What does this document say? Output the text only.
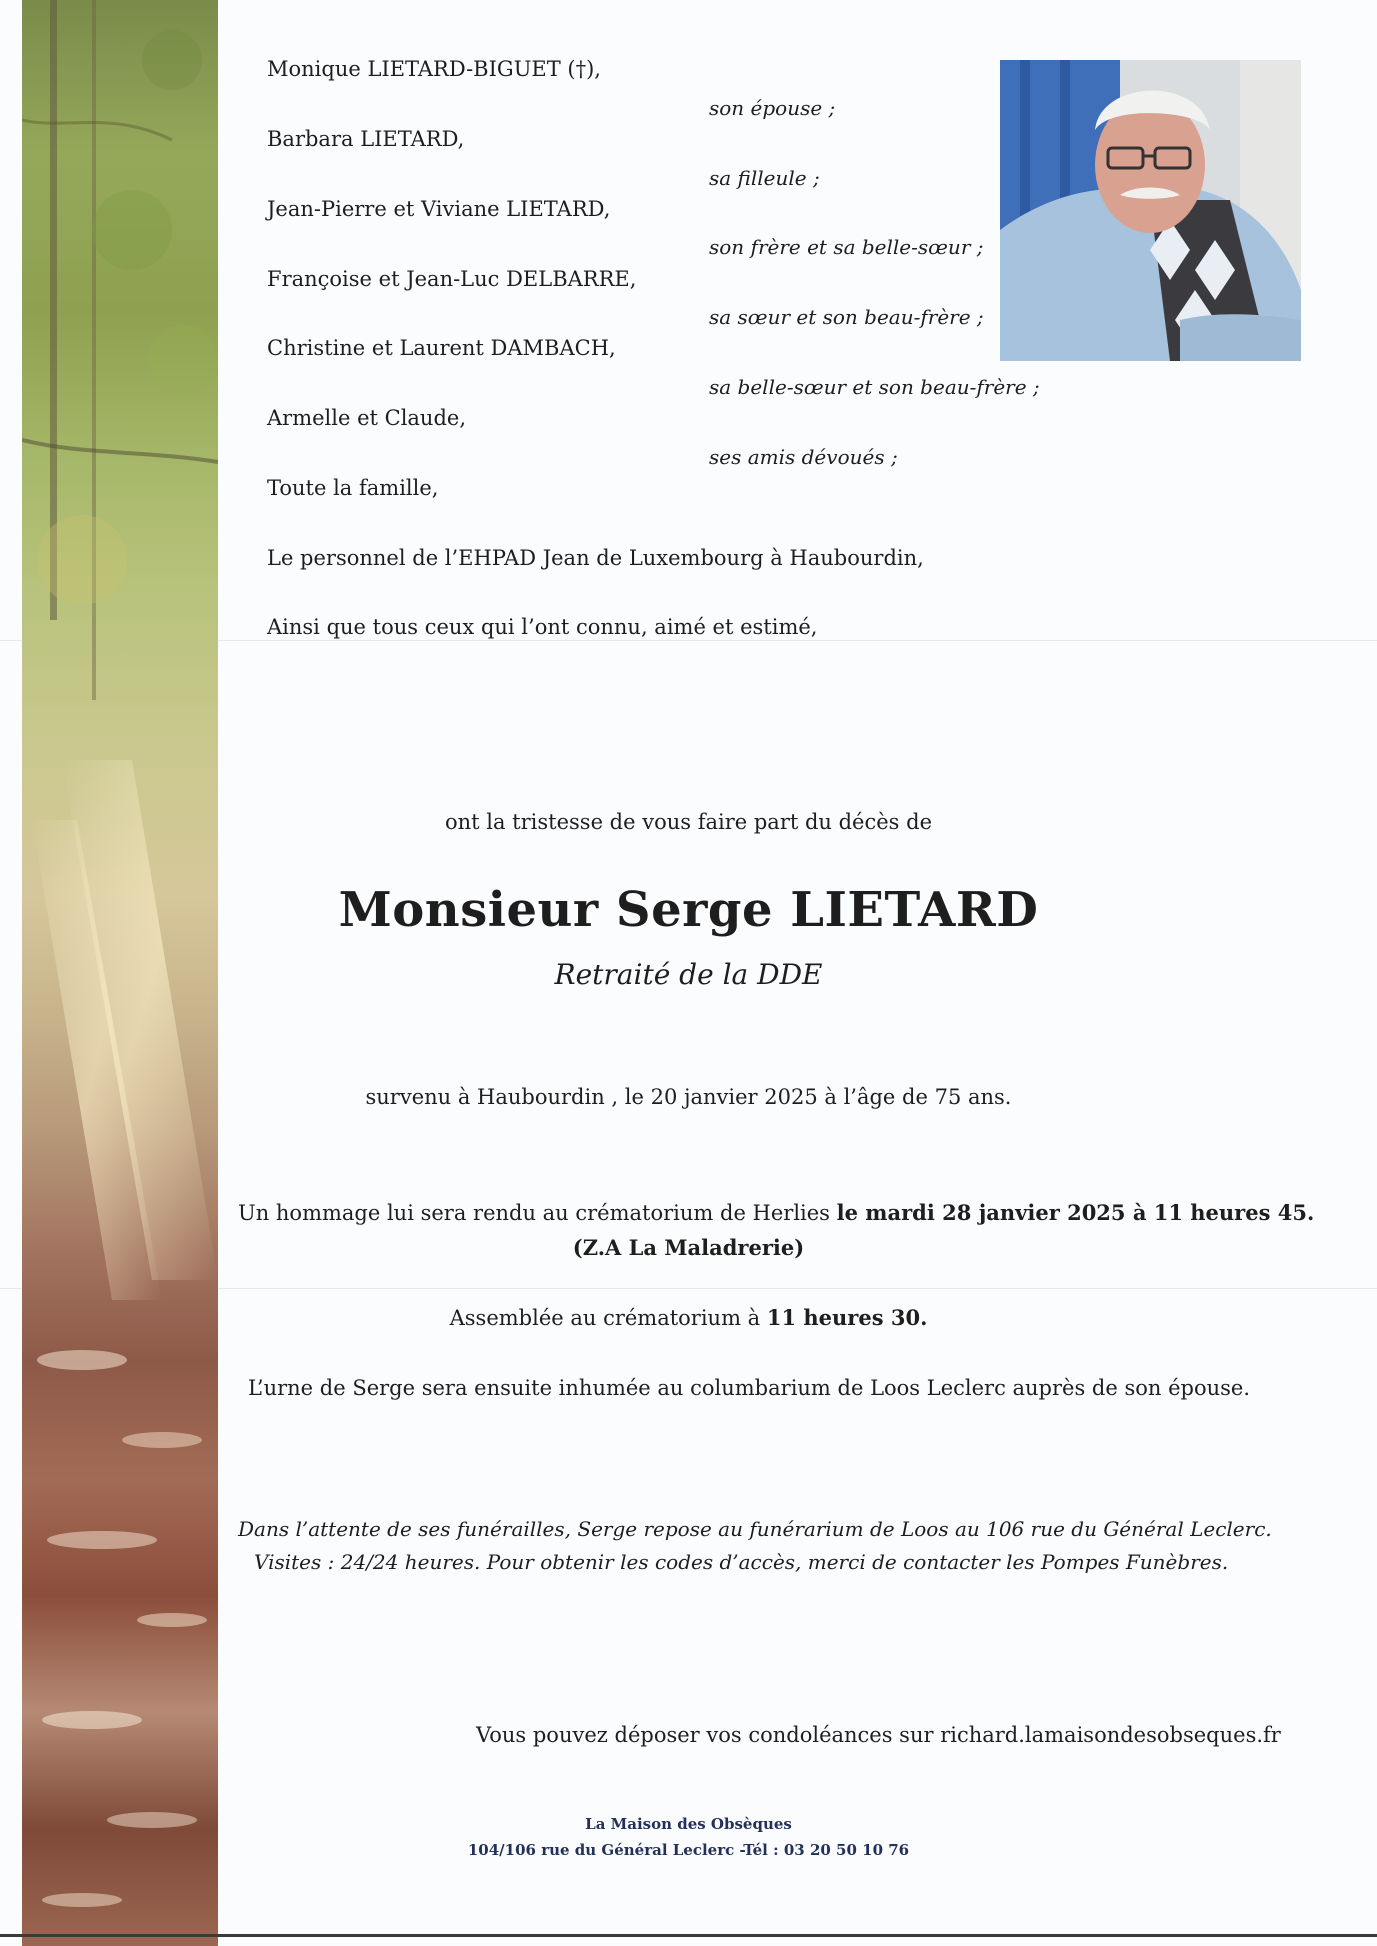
Monique LIETARD-BIGUET (†),
son épouse ;
Barbara LIETARD,
sa filleule ;
Jean-Pierre et Viviane LIETARD,
son frère et sa belle-sœur ;
Françoise et Jean-Luc DELBARRE,
sa sœur et son beau-frère ;
Christine et Laurent DAMBACH,
sa belle-sœur et son beau-frère ;
Armelle et Claude,
ses amis dévoués ;
Toute la famille,
Le personnel de l’EHPAD Jean de Luxembourg à Haubourdin,
Ainsi que tous ceux qui l’ont connu, aimé et estimé,
ont la tristesse de vous faire part du décès de
Monsieur Serge LIETARD
Retraité de la DDE
survenu à Haubourdin , le 20 janvier 2025 à l’âge de 75 ans.
Un hommage lui sera rendu au crématorium de Herlies le mardi 28 janvier 2025 à 11 heures 45.
(Z.A La Maladrerie)
Assemblée au crématorium à 11 heures 30.
L’urne de Serge sera ensuite inhumée au columbarium de Loos Leclerc auprès de son épouse.
Dans l’attente de ses funérailles, Serge repose au funérarium de Loos au 106 rue du Général Leclerc.
Visites : 24/24 heures. Pour obtenir les codes d’accès, merci de contacter les Pompes Funèbres.
Vous pouvez déposer vos condoléances sur richard.lamaisondesobseques.fr
La Maison des Obsèques
104/106 rue du Général Leclerc -Tél : 03 20 50 10 76
